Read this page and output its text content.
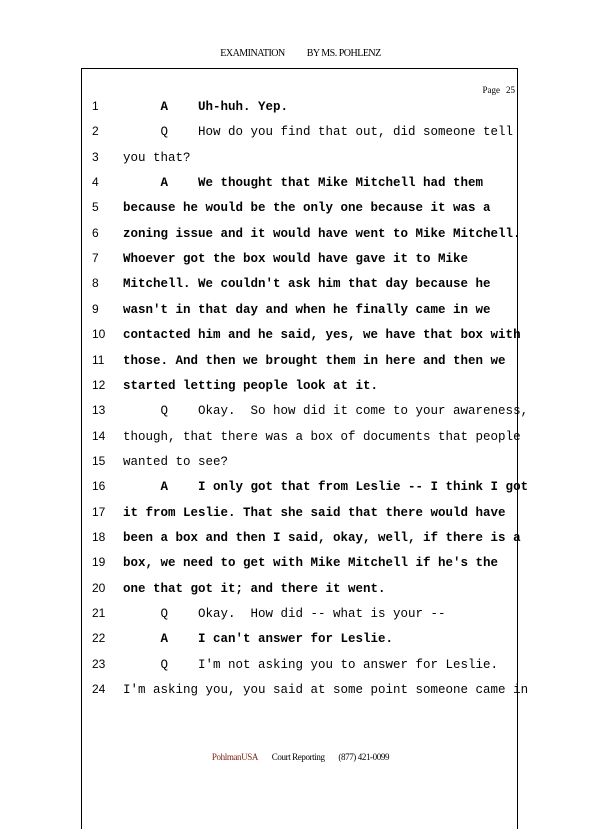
EXAMINATION BY MS. POHLENZ
Page 25
1	A    Uh-huh. Yep.
2	Q    How do you find that out, did someone tell
3	you that?
4	A    We thought that Mike Mitchell had them
5	because he would be the only one because it was a
6	zoning issue and it would have went to Mike Mitchell.
7	Whoever got the box would have gave it to Mike
8	Mitchell. We couldn't ask him that day because he
9	wasn't in that day and when he finally came in we
10 contacted him and he said, yes, we have that box with
11 those. And then we brought them in here and then we
12 started letting people look at it.
13 Q    Okay.  So how did it come to your awareness,
14 though, that there was a box of documents that people
15 wanted to see?
16 A    I only got that from Leslie -- I think I got
17 it from Leslie. That she said that there would have
18 been a box and then I said, okay, well, if there is a
19 box, we need to get with Mike Mitchell if he's the
20 one that got it; and there it went.
21 Q    Okay.  How did -- what is your --
22 A    I can't answer for Leslie.
23 Q    I'm not asking you to answer for Leslie.
24 I'm asking you, you said at some point someone came in
PohlmanUSA Court Reporting (877) 421-0099
